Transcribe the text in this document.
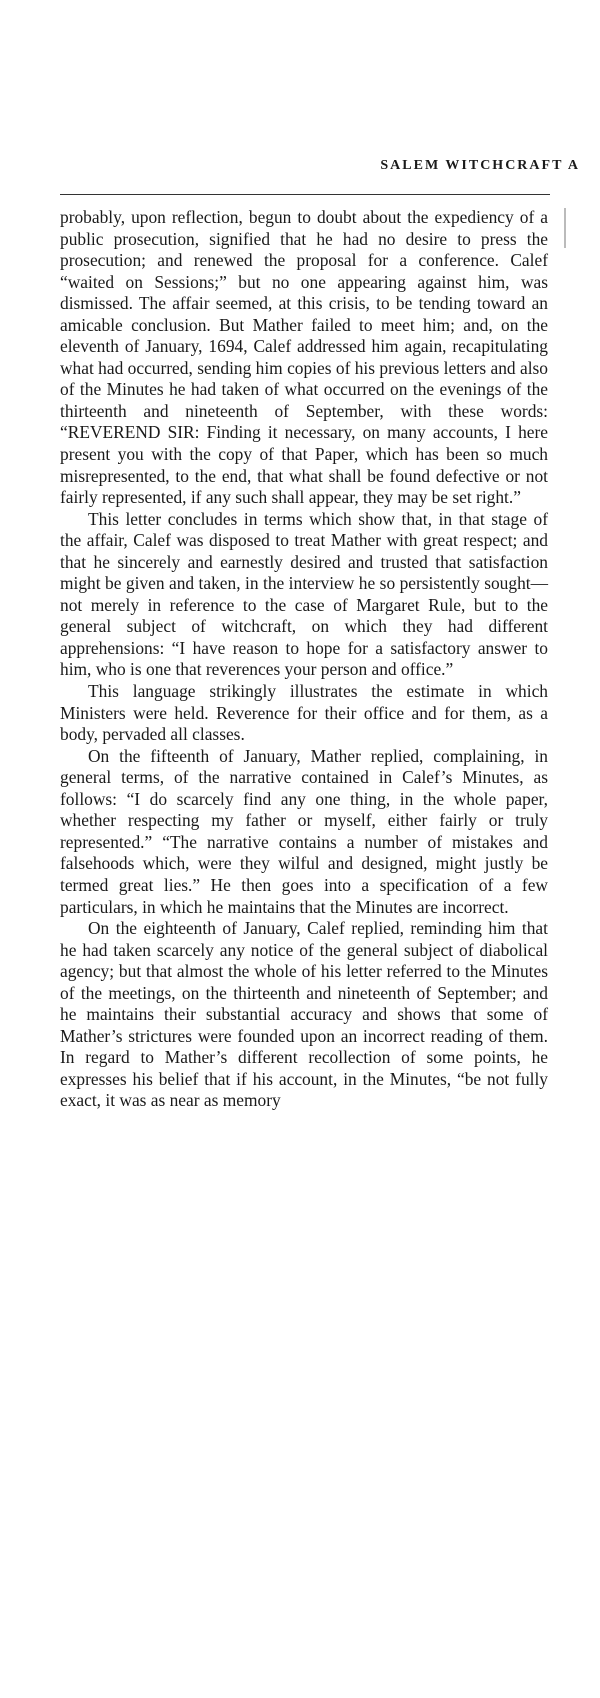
SALEM WITCHCRAFT A

probably, upon reflection, begun to doubt about the expediency of a public prosecution, signified that he had no desire to press the prosecution; and renewed the proposal for a conference. Calef “waited on Sessions;” but no one appearing against him, was dismissed. The affair seemed, at this crisis, to be tending toward an amicable conclusion. But Mather failed to meet him; and, on the eleventh of January, 1694, Calef addressed him again, recapitulating what had occurred, sending him copies of his previous letters and also of the Minutes he had taken of what occurred on the evenings of the thirteenth and nineteenth of September, with these words: “REVEREND SIR: Finding it necessary, on many accounts, I here present you with the copy of that Paper, which has been so much misrepresented, to the end, that what shall be found defective or not fairly represented, if any such shall appear, they may be set right.”

This letter concludes in terms which show that, in that stage of the affair, Calef was disposed to treat Mather with great respect; and that he sincerely and earnestly desired and trusted that satisfaction might be given and taken, in the interview he so persistently sought—not merely in reference to the case of Margaret Rule, but to the general subject of witchcraft, on which they had different apprehensions: “I have reason to hope for a satisfactory answer to him, who is one that reverences your person and office.”

This language strikingly illustrates the estimate in which Ministers were held. Reverence for their office and for them, as a body, pervaded all classes.

On the fifteenth of January, Mather replied, complaining, in general terms, of the narrative contained in Calef’s Minutes, as follows: “I do scarcely find any one thing, in the whole paper, whether respecting my father or myself, either fairly or truly represented.” “The narrative contains a number of mistakes and falsehoods which, were they wilful and designed, might justly be termed great lies.” He then goes into a specification of a few particulars, in which he maintains that the Minutes are incorrect.

On the eighteenth of January, Calef replied, reminding him that he had taken scarcely any notice of the general subject of diabolical agency; but that almost the whole of his letter referred to the Minutes of the meetings, on the thirteenth and nineteenth of September; and he maintains their substantial accuracy and shows that some of Mather’s strictures were founded upon an incorrect reading of them. In regard to Mather’s different recollection of some points, he expresses his belief that if his account, in the Minutes, “be not fully exact, it was as near as memory
